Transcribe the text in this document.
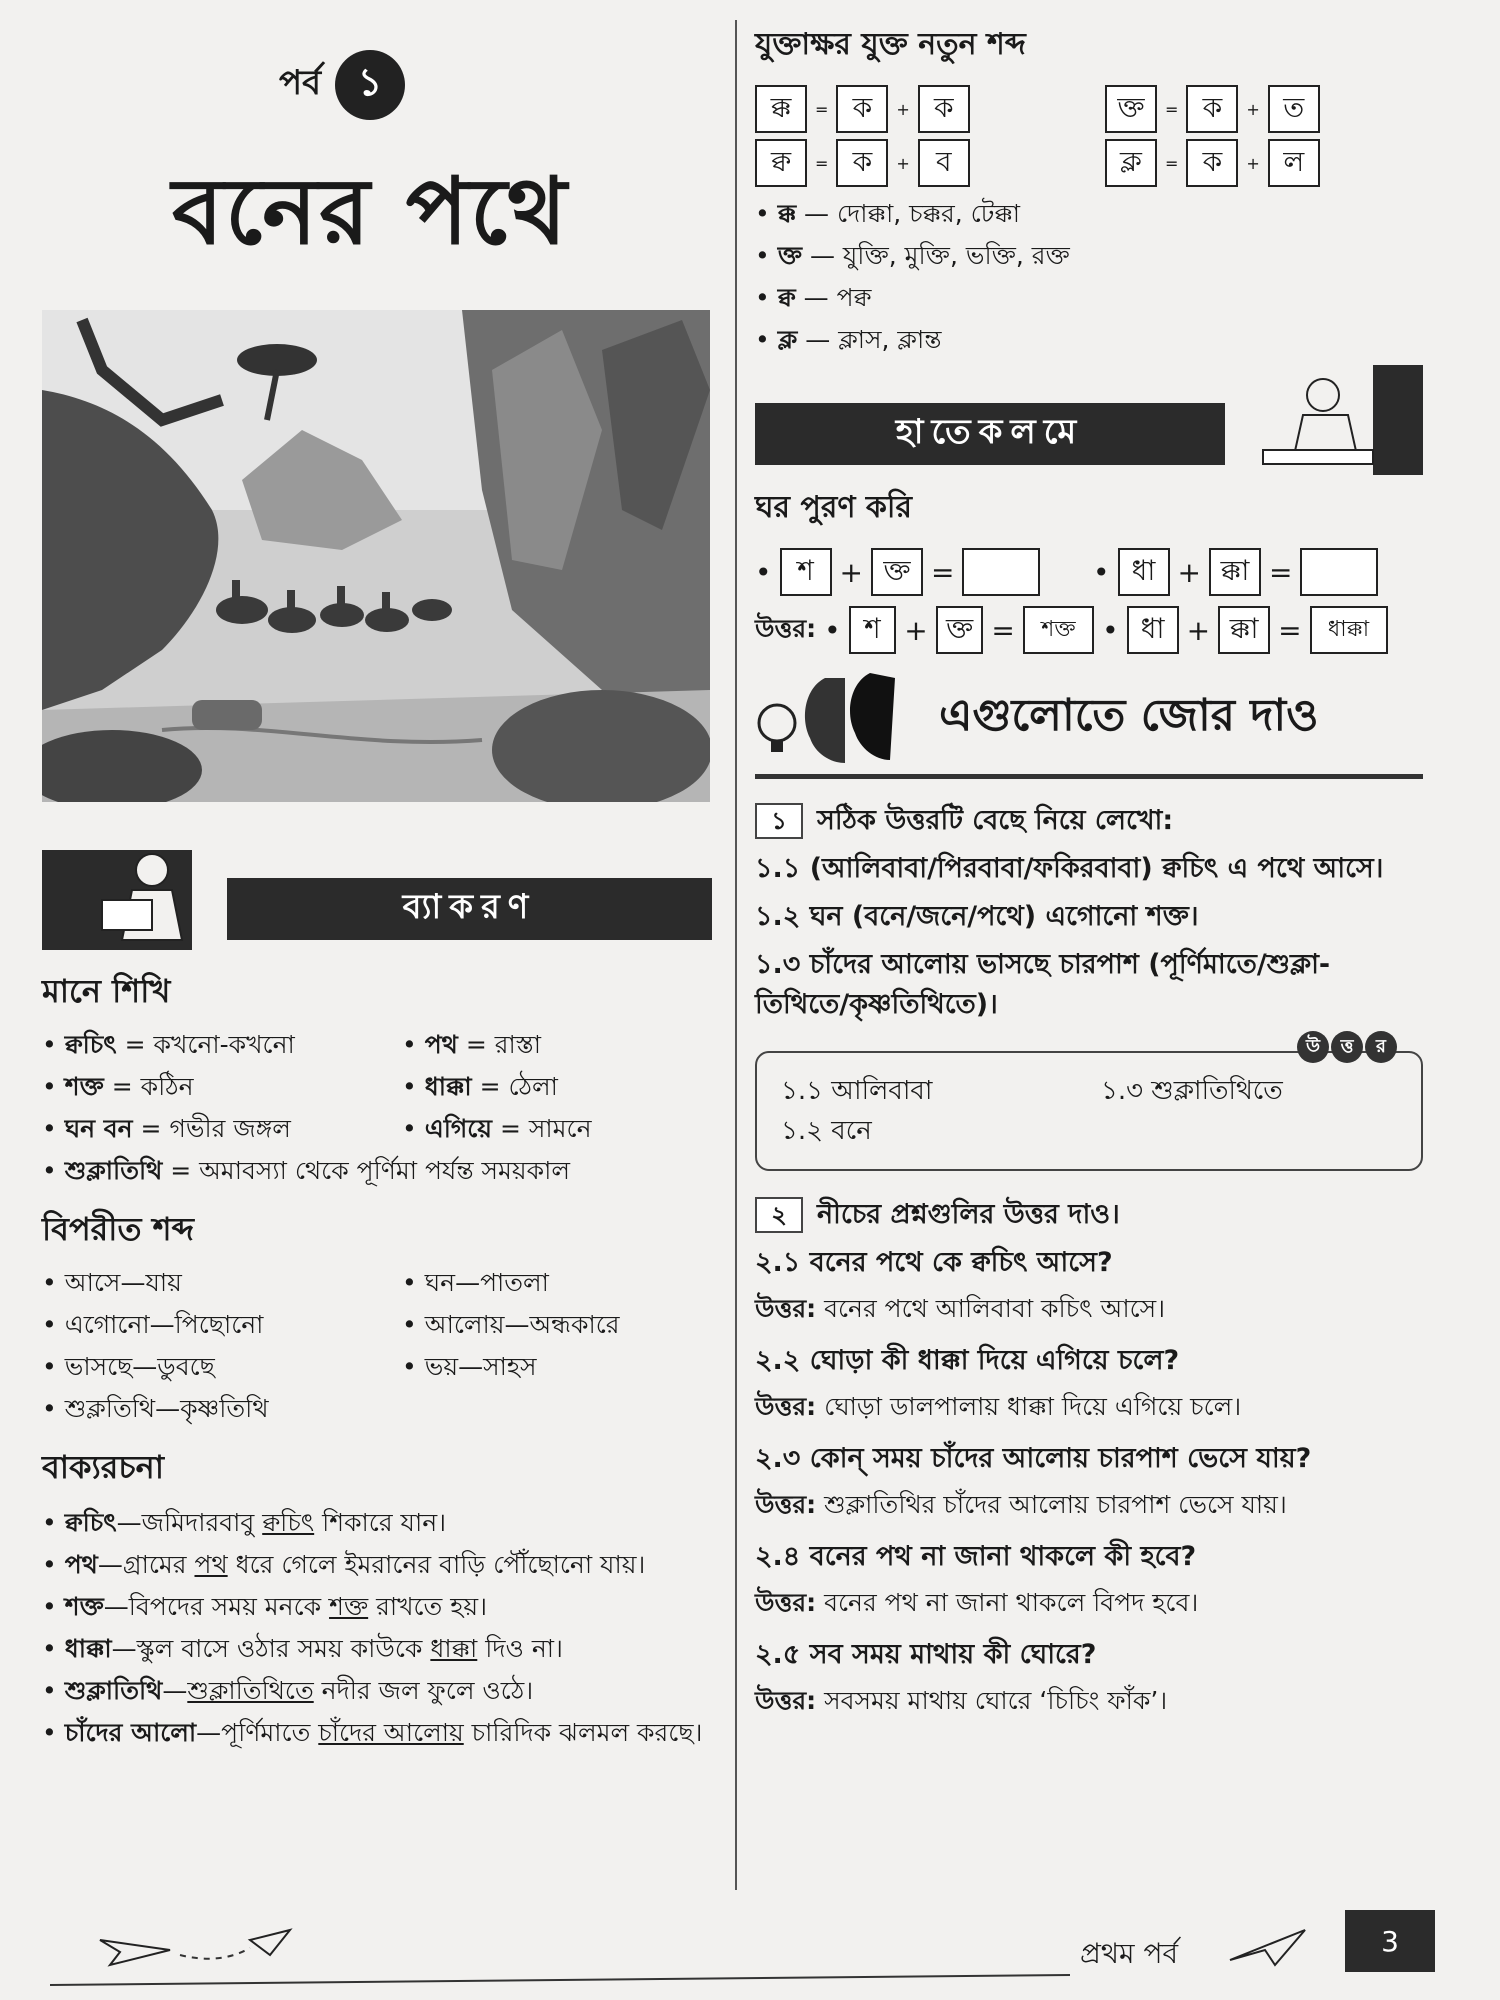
পর্ব ১
বনের পথে
ব্যাকরণ
মানে শিখি
• ক্বচিৎ = কখনো-কখনো	• পথ = রাস্তা
• শক্ত = কঠিন	• ধাক্কা = ঠেলা
• ঘন বন = গভীর জঙ্গল	• এগিয়ে = সামনে
• শুক্লাতিথি = অমাবস্যা থেকে পূর্ণিমা পর্যন্ত সময়কাল
বিপরীত শব্দ
• আসে—যায়	• ঘন—পাতলা
• এগোনো—পিছোনো	• আলোয়—অন্ধকারে
• ভাসছে—ডুবছে	• ভয়—সাহস
• শুক্লতিথি—কৃষ্ণতিথি
বাক্যরচনা
• ক্বচিৎ—জমিদারবাবু ক্বচিৎ শিকারে যান।
• পথ—গ্রামের পথ ধরে গেলে ইমরানের বাড়ি পৌঁছোনো যায়।
• শক্ত—বিপদের সময় মনকে শক্ত রাখতে হয়।
• ধাক্কা—স্কুল বাসে ওঠার সময় কাউকে ধাক্কা দিও না।
• শুক্লাতিথি—শুক্লাতিথিতে নদীর জল ফুলে ওঠে।
• চাঁদের আলো—পূর্ণিমাতে চাঁদের আলোয় চারিদিক ঝলমল করছে।
যুক্তাক্ষর যুক্ত নতুন শব্দ
ক্ক	= ক	+ ক	ক্ত	= ক	+ ত
ক্ব	= ক	+ ব	ক্ল	= ক	+ ল
• ক্ক — দোক্কা, চক্কর, টেক্কা
• ক্ত — যুক্তি, মুক্তি, ভক্তি, রক্ত
• ক্ব — পক্ব
• ক্ল — ক্লাস, ক্লান্ত
হাতেকলমে
ঘর পুরণ করি
• শ + ক্ত =	• ধা + ক্কা =
উত্তর: • শ + ক্ত =	শক্ত • ধা + ক্কা =	ধাক্কা
এগুলোতে জোর দাও
১ সঠিক উত্তরটি বেছে নিয়ে লেখো:
১.১ (আলিবাবা/পিরবাবা/ফকিরবাবা) ক্বচিৎ এ পথে আসে।
১.২ ঘন (বনে/জনে/পথে) এগোনো শক্ত।
১.৩ চাঁদের আলোয় ভাসছে চারপাশ (পূর্ণিমাতে/শুক্লা-তিথিতে/কৃষ্ণতিথিতে)।
উ	ত্ত	র
১.১ আলিবাবা	১.৩ শুক্লাতিথিতে
১.২ বনে
২ নীচের প্রশ্নগুলির উত্তর দাও।
২.১ বনের পথে কে ক্বচিৎ আসে?
উত্তর: বনের পথে আলিবাবা কচিৎ আসে।
২.২ ঘোড়া কী ধাক্কা দিয়ে এগিয়ে চলে?
উত্তর: ঘোড়া ডালপালায় ধাক্কা দিয়ে এগিয়ে চলে।
২.৩ কোন্ সময় চাঁদের আলোয় চারপাশ ভেসে যায়?
উত্তর: শুক্লাতিথির চাঁদের আলোয় চারপাশ ভেসে যায়।
২.৪ বনের পথ না জানা থাকলে কী হবে?
উত্তর: বনের পথ না জানা থাকলে বিপদ হবে।
২.৫ সব সময় মাথায় কী ঘোরে?
উত্তর: সবসময় মাথায় ঘোরে ‘চিচিং ফাঁক’।
প্রথম পর্ব	3
